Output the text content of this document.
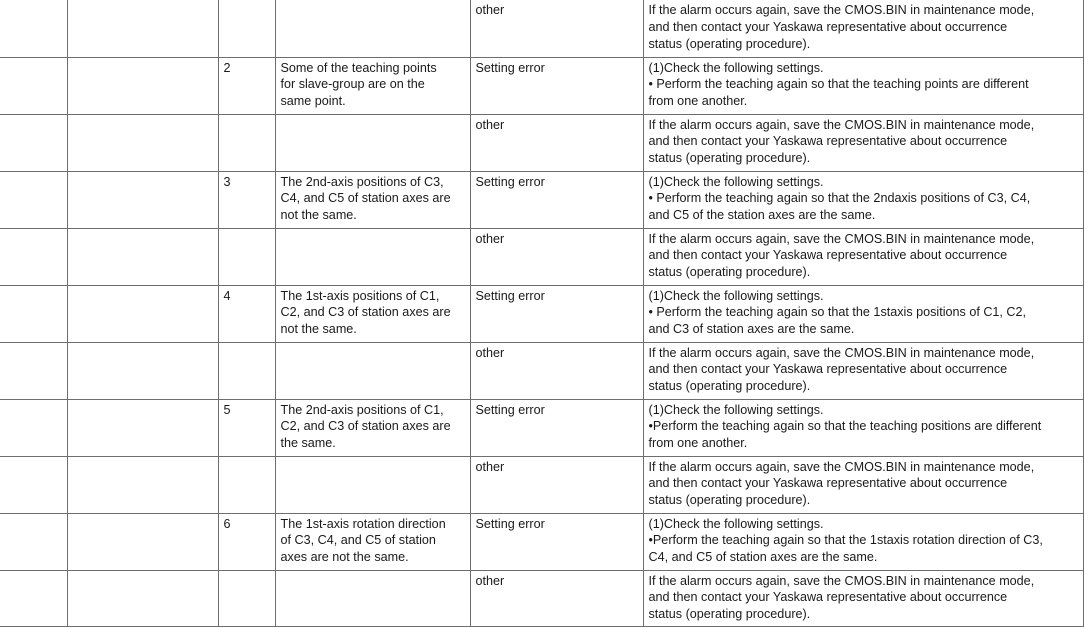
				other	If the alarm occurs again, save the CMOS.BIN in maintenance mode,
and then contact your Yaskawa representative about occurrence
status (operating procedure).

		2	Some of the teaching points
for slave-group are on the
same point.	Setting error	(1)Check the following settings.
• Perform the teaching again so that the teaching points are different
from one another.

				other	If the alarm occurs again, save the CMOS.BIN in maintenance mode,
and then contact your Yaskawa representative about occurrence
status (operating procedure).

		3	The 2nd-axis positions of C3,
C4, and C5 of station axes are
not the same.	Setting error	(1)Check the following settings.
• Perform the teaching again so that the 2ndaxis positions of C3, C4,
and C5 of the station axes are the same.

				other	If the alarm occurs again, save the CMOS.BIN in maintenance mode,
and then contact your Yaskawa representative about occurrence
status (operating procedure).

		4	The 1st-axis positions of C1,
C2, and C3 of station axes are
not the same.	Setting error	(1)Check the following settings.
• Perform the teaching again so that the 1staxis positions of C1, C2,
and C3 of station axes are the same.

				other	If the alarm occurs again, save the CMOS.BIN in maintenance mode,
and then contact your Yaskawa representative about occurrence
status (operating procedure).

		5	The 2nd-axis positions of C1,
C2, and C3 of station axes are
the same.	Setting error	(1)Check the following settings.
•Perform the teaching again so that the teaching positions are different
from one another.

				other	If the alarm occurs again, save the CMOS.BIN in maintenance mode,
and then contact your Yaskawa representative about occurrence
status (operating procedure).

		6	The 1st-axis rotation direction
of C3, C4, and C5 of station
axes are not the same.	Setting error	(1)Check the following settings.
•Perform the teaching again so that the 1staxis rotation direction of C3,
C4, and C5 of station axes are the same.

				other	If the alarm occurs again, save the CMOS.BIN in maintenance mode,
and then contact your Yaskawa representative about occurrence
status (operating procedure).
